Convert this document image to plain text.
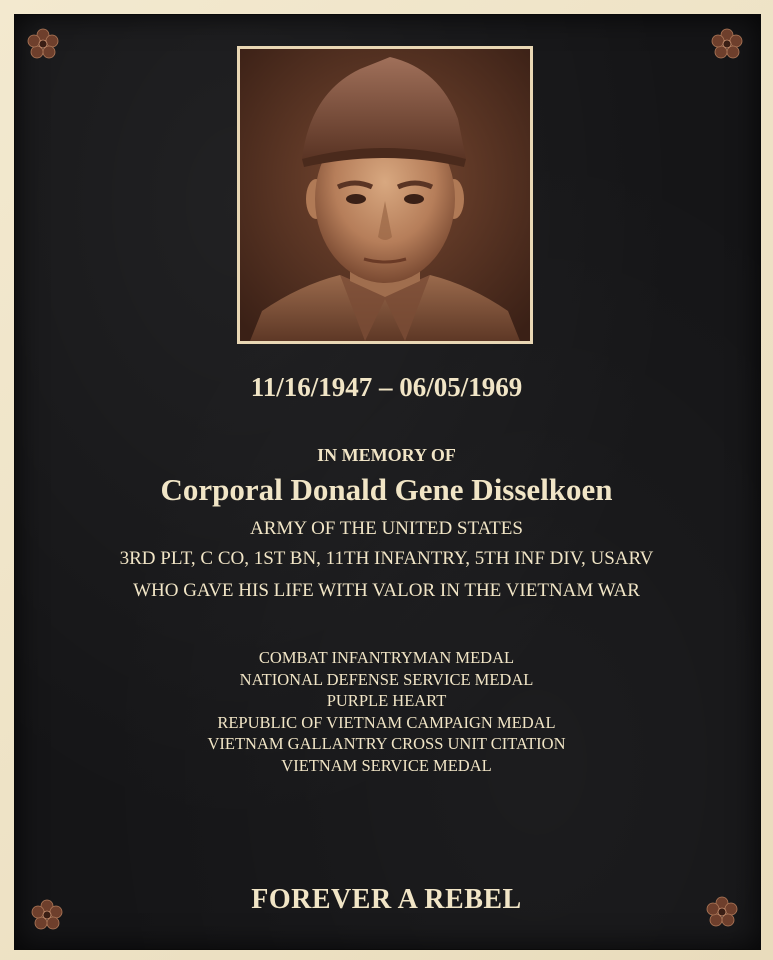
11/16/1947 – 06/05/1969
IN MEMORY OF
Corporal Donald Gene Disselkoen
ARMY OF THE UNITED STATES
3RD PLT, C CO, 1ST BN, 11TH INFANTRY, 5TH INF DIV, USARV
WHO GAVE HIS LIFE WITH VALOR IN THE VIETNAM WAR
COMBAT INFANTRYMAN MEDAL
NATIONAL DEFENSE SERVICE MEDAL
PURPLE HEART
REPUBLIC OF VIETNAM CAMPAIGN MEDAL
VIETNAM GALLANTRY CROSS UNIT CITATION
VIETNAM SERVICE MEDAL
FOREVER A REBEL
